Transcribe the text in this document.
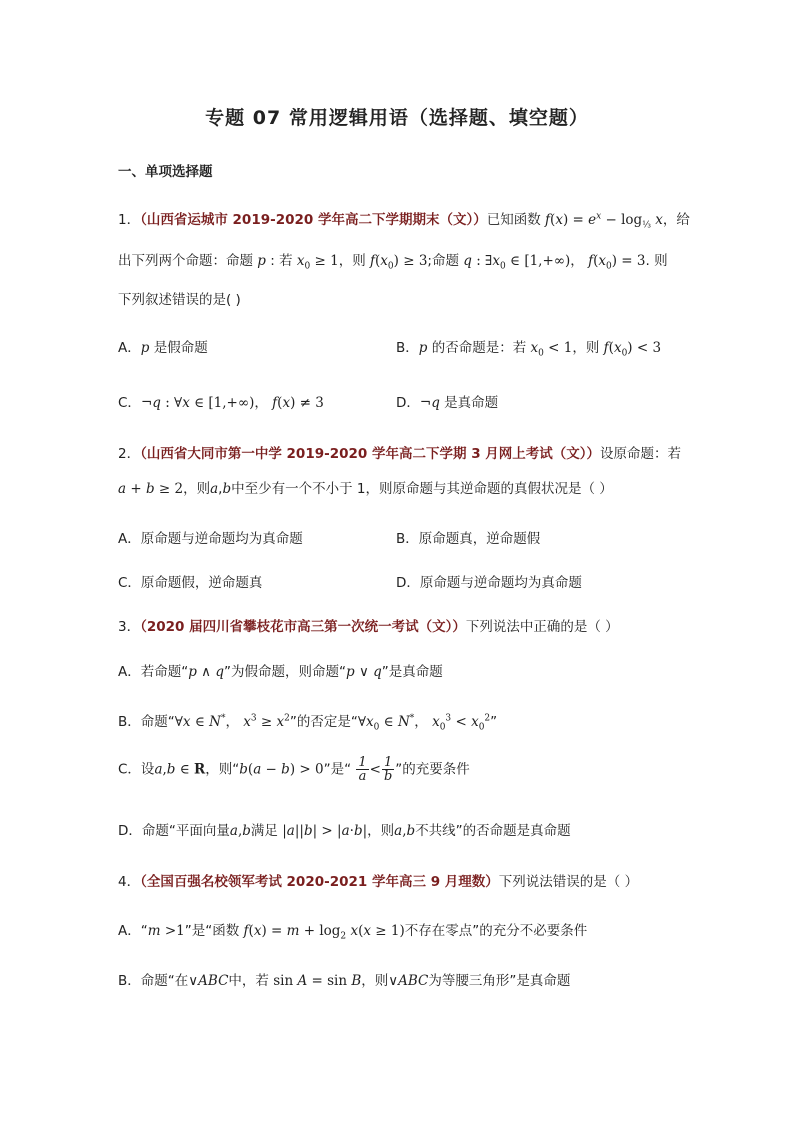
专题 07 常用逻辑用语（选择题、填空题）
一、单项选择题
1．（山西省运城市 2019-2020 学年高二下学期期末（文））已知函数 $f(x) = e^x - \log_{\frac{1}{3}} x$，给
出下列两个命题：命题 p : 若 $x_0 \ge 1$，则 $f(x_0) \ge 3$;命题 q : $\exists x_0$ ∈ [1,+∞)， $f(x_0) = 3$. 则
下列叙述错误的是( )
A．p 是假命题	B．p 的否命题是：若 $x_0 < 1$，则 $f(x_0) < 3$
C．¬q : ∀x ∈ [1,+∞)， f(x) ≠ 3	D．¬q 是真命题
2．（山西省大同市第一中学 2019-2020 学年高二下学期 3 月网上考试（文））设原命题：若
a + b ≥ 2，则a,b中至少有一个不小于 1，则原命题与其逆命题的真假状况是（ ）
A．原命题与逆命题均为真命题	B．原命题真，逆命题假
C．原命题假，逆命题真	D．原命题与逆命题均为真命题
3．（2020 届四川省攀枝花市高三第一次统一考试（文））下列说法中正确的是（ ）
A．若命题“p ∧ q”为假命题，则命题“p ∨ q”是真命题
B．命题“∀x ∈ N*， $x^3 \ge x^2$”的否定是“$\forall x_0$ ∈ N*， $x_0^3 < x_0^2$”
C．设a,b ∈ R，则“b(a − b) > 0”是“ $\frac{1}{a} < \frac{1}{b}$ ”的充要条件
D．命题“平面向量a,b满足 |a||b| > |a·b|，则a,b不共线”的否命题是真命题
4．（全国百强名校领军考试 2020-2021 学年高三 9 月理数）下列说法错误的是（ ）
A．“m >1”是“函数 $f(x) = m + \log_2 x(x \ge 1)$不存在零点”的充分不必要条件
B．命题“在∨ABC中，若 sin A = sin B，则∨ABC为等腰三角形”是真命题
